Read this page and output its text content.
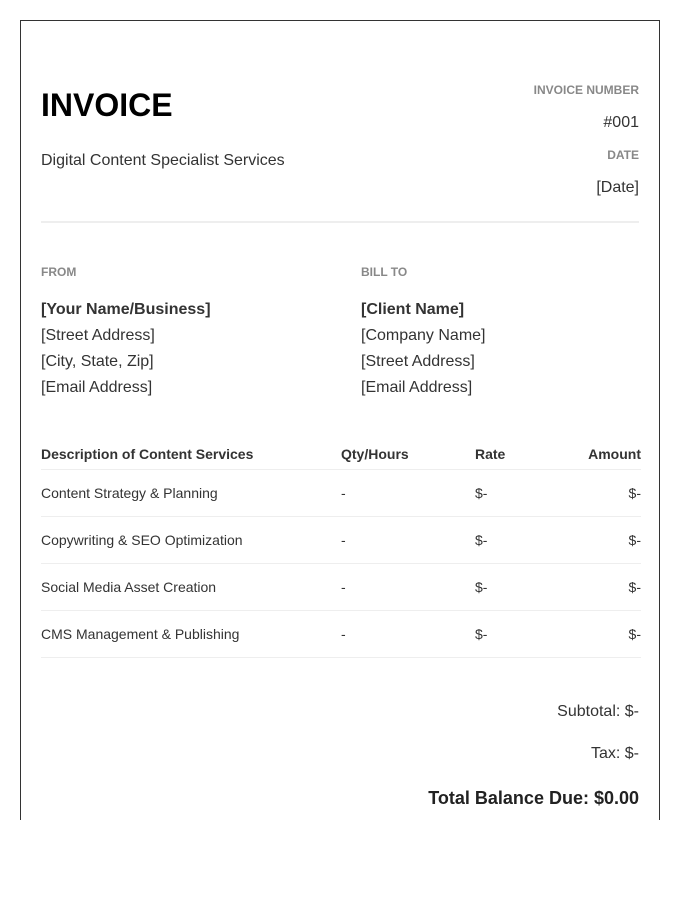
INVOICE
Digital Content Specialist Services
INVOICE NUMBER
#001
DATE
[Date]
FROM
[Your Name/Business]
[Street Address]
[City, State, Zip]
[Email Address]
BILL TO
[Client Name]
[Company Name]
[Street Address]
[Email Address]
Description of Content Services	Qty/Hours	Rate	Amount
Content Strategy & Planning	-	$-	$-
Copywriting & SEO Optimization	-	$-	$-
Social Media Asset Creation	-	$-	$-
CMS Management & Publishing	-	$-	$-
Subtotal: $-
Tax: $-
Total Balance Due: $0.00
